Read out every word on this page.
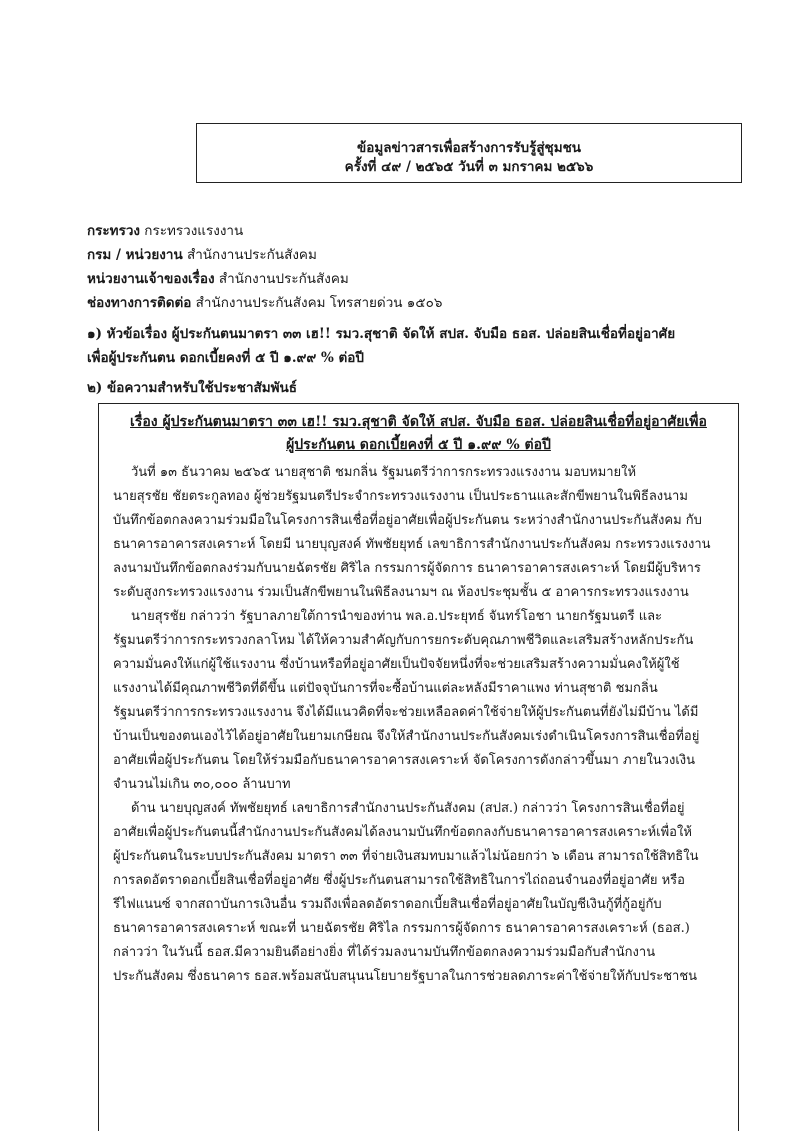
ข้อมูลข่าวสารเพื่อสร้างการรับรู้สู่ชุมชน
ครั้งที่ ๔๙ / ๒๕๖๕ วันที่ ๓ มกราคม ๒๕๖๖
กระทรวง กระทรวงแรงงาน
กรม / หน่วยงาน สำนักงานประกันสังคม
หน่วยงานเจ้าของเรื่อง สำนักงานประกันสังคม
ช่องทางการติดต่อ สำนักงานประกันสังคม โทรสายด่วน ๑๕๐๖
๑) หัวข้อเรื่อง ผู้ประกันตนมาตรา ๓๓ เฮ!! รมว.สุชาติ จัดให้ สปส. จับมือ ธอส. ปล่อยสินเชื่อที่อยู่อาศัย
เพื่อผู้ประกันตน ดอกเบี้ยคงที่ ๕ ปี ๑.๙๙ % ต่อปี
๒) ข้อความสำหรับใช้ประชาสัมพันธ์
เรื่อง ผู้ประกันตนมาตรา ๓๓ เฮ!! รมว.สุชาติ จัดให้ สปส. จับมือ ธอส. ปล่อยสินเชื่อที่อยู่อาศัยเพื่อ
ผู้ประกันตน ดอกเบี้ยคงที่ ๕ ปี ๑.๙๙ % ต่อปี
วันที่ ๑๓ ธันวาคม ๒๕๖๕ นายสุชาติ ชมกลิ่น รัฐมนตรีว่าการกระทรวงแรงงาน มอบหมายให้
นายสุรชัย ชัยตระกูลทอง ผู้ช่วยรัฐมนตรีประจำกระทรวงแรงงาน เป็นประธานและสักขีพยานในพิธีลงนาม
บันทึกข้อตกลงความร่วมมือในโครงการสินเชื่อที่อยู่อาศัยเพื่อผู้ประกันตน ระหว่างสำนักงานประกันสังคม กับ
ธนาคารอาคารสงเคราะห์ โดยมี นายบุญสงค์ ทัพชัยยุทธ์ เลขาธิการสำนักงานประกันสังคม กระทรวงแรงงาน
ลงนามบันทึกข้อตกลงร่วมกับนายฉัตรชัย ศิริไล กรรมการผู้จัดการ ธนาคารอาคารสงเคราะห์ โดยมีผู้บริหาร
ระดับสูงกระทรวงแรงงาน ร่วมเป็นสักขีพยานในพิธีลงนามฯ ณ ห้องประชุมชั้น ๕ อาคารกระทรวงแรงงาน
นายสุรชัย กล่าวว่า รัฐบาลภายใต้การนำของท่าน พล.อ.ประยุทธ์ จันทร์โอชา นายกรัฐมนตรี และ
รัฐมนตรีว่าการกระทรวงกลาโหม ได้ให้ความสำคัญกับการยกระดับคุณภาพชีวิตและเสริมสร้างหลักประกัน
ความมั่นคงให้แก่ผู้ใช้แรงงาน ซึ่งบ้านหรือที่อยู่อาศัยเป็นปัจจัยหนึ่งที่จะช่วยเสริมสร้างความมั่นคงให้ผู้ใช้
แรงงานได้มีคุณภาพชีวิตที่ดีขึ้น แต่ปัจจุบันการที่จะซื้อบ้านแต่ละหลังมีราคาแพง ท่านสุชาติ ชมกลิ่น
รัฐมนตรีว่าการกระทรวงแรงงาน จึงได้มีแนวคิดที่จะช่วยเหลือลดค่าใช้จ่ายให้ผู้ประกันตนที่ยังไม่มีบ้าน ได้มี
บ้านเป็นของตนเองไว้ได้อยู่อาศัยในยามเกษียณ จึงให้สำนักงานประกันสังคมเร่งดำเนินโครงการสินเชื่อที่อยู่
อาศัยเพื่อผู้ประกันตน โดยให้ร่วมมือกับธนาคารอาคารสงเคราะห์ จัดโครงการดังกล่าวขึ้นมา ภายในวงเงิน
จำนวนไม่เกิน ๓๐,๐๐๐ ล้านบาท
ด้าน นายบุญสงค์ ทัพชัยยุทธ์ เลขาธิการสำนักงานประกันสังคม (สปส.) กล่าวว่า โครงการสินเชื่อที่อยู่
อาศัยเพื่อผู้ประกันตนนี้สำนักงานประกันสังคมได้ลงนามบันทึกข้อตกลงกับธนาคารอาคารสงเคราะห์เพื่อให้
ผู้ประกันตนในระบบประกันสังคม มาตรา ๓๓ ที่จ่ายเงินสมทบมาแล้วไม่น้อยกว่า ๖ เดือน สามารถใช้สิทธิใน
การลดอัตราดอกเบี้ยสินเชื่อที่อยู่อาศัย ซึ่งผู้ประกันตนสามารถใช้สิทธิในการไถ่ถอนจำนองที่อยู่อาศัย หรือ
รีไฟแนนซ์ จากสถาบันการเงินอื่น รวมถึงเพื่อลดอัตราดอกเบี้ยสินเชื่อที่อยู่อาศัยในบัญชีเงินกู้ที่กู้อยู่กับ
ธนาคารอาคารสงเคราะห์ ขณะที่ นายฉัตรชัย ศิริไล กรรมการผู้จัดการ ธนาคารอาคารสงเคราะห์ (ธอส.)
กล่าวว่า ในวันนี้ ธอส.มีความยินดีอย่างยิ่ง ที่ได้ร่วมลงนามบันทึกข้อตกลงความร่วมมือกับสำนักงาน
ประกันสังคม ซึ่งธนาคาร ธอส.พร้อมสนับสนุนนโยบายรัฐบาลในการช่วยลดภาระค่าใช้จ่ายให้กับประชาชน
